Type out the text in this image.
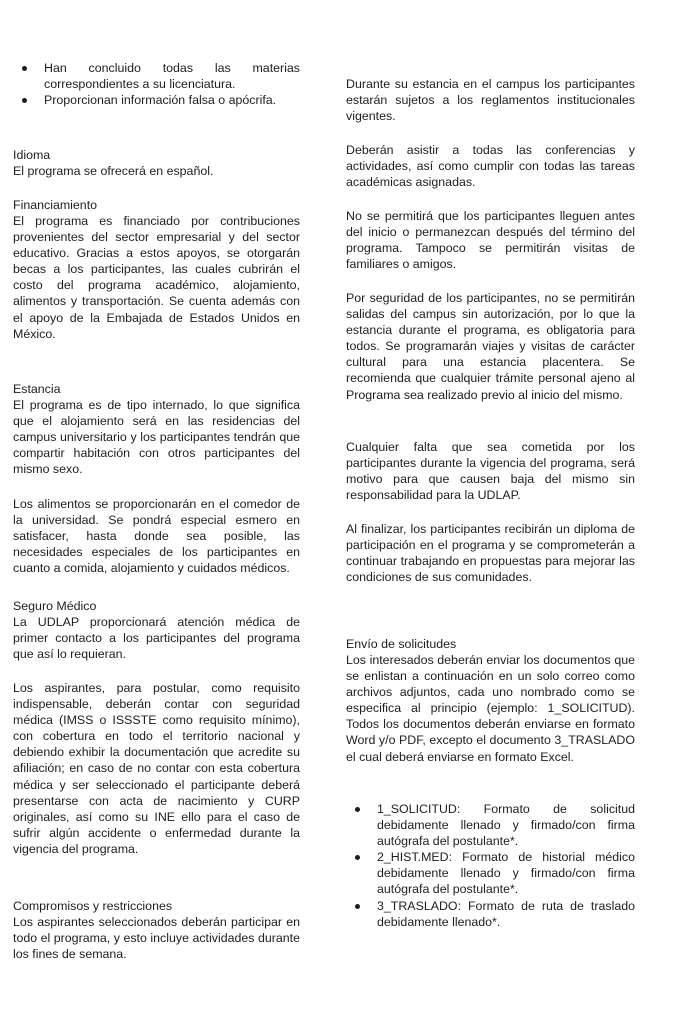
Han concluido todas las materias correspondientes a su licenciatura.
Proporcionan información falsa o apócrifa.
Idioma

El programa se ofrecerá en español.

Financiamiento

El programa es financiado por contribuciones provenientes del sector empresarial y del sector educativo. Gracias a estos apoyos, se otorgarán becas a los participantes, las cuales cubrirán el costo del programa académico, alojamiento, alimentos y transportación. Se cuenta además con el apoyo de la Embajada de Estados Unidos en México.

Estancia

El programa es de tipo internado, lo que significa que el alojamiento será en las residencias del campus universitario y los participantes tendrán que compartir habitación con otros participantes del mismo sexo.

Los alimentos se proporcionarán en el comedor de la universidad. Se pondrá especial esmero en satisfacer, hasta donde sea posible, las necesidades especiales de los participantes en cuanto a comida, alojamiento y cuidados médicos.

Seguro Médico

La UDLAP proporcionará atención médica de primer contacto a los participantes del programa que así lo requieran.

Los aspirantes, para postular, como requisito indispensable, deberán contar con seguridad médica (IMSS o ISSSTE como requisito mínimo), con cobertura en todo el territorio nacional y debiendo exhibir la documentación que acredite su afiliación; en caso de no contar con esta cobertura médica y ser seleccionado el participante deberá presentarse con acta de nacimiento y CURP originales, así como su INE ello para el caso de sufrir algún accidente o enfermedad durante la vigencia del programa.

Compromisos y restricciones

Los aspirantes seleccionados deberán participar en todo el programa, y esto incluye actividades durante los fines de semana.

Durante su estancia en el campus los participantes estarán sujetos a los reglamentos institucionales vigentes.

Deberán asistir a todas las conferencias y actividades, así como cumplir con todas las tareas académicas asignadas.

No se permitirá que los participantes lleguen antes del inicio o permanezcan después del término del programa. Tampoco se permitirán visitas de familiares o amigos.

Por seguridad de los participantes, no se permitirán salidas del campus sin autorización, por lo que la estancia durante el programa, es obligatoria para todos. Se programarán viajes y visitas de carácter cultural para una estancia placentera. Se recomienda que cualquier trámite personal ajeno al Programa sea realizado previo al inicio del mismo.

Cualquier falta que sea cometida por los participantes durante la vigencia del programa, será motivo para que causen baja del mismo sin responsabilidad para la UDLAP.

Al finalizar, los participantes recibirán un diploma de participación en el programa y se comprometerán a continuar trabajando en propuestas para mejorar las condiciones de sus comunidades.

Envío de solicitudes

Los interesados deberán enviar los documentos que se enlistan a continuación en un solo correo como archivos adjuntos, cada uno nombrado como se especifica al principio (ejemplo: 1_SOLICITUD). Todos los documentos deberán enviarse en formato Word y/o PDF, excepto el documento 3_TRASLADO el cual deberá enviarse en formato Excel.

1_SOLICITUD: Formato de solicitud debidamente llenado y firmado/con firma autógrafa del postulante*.
2_HIST.MED: Formato de historial médico debidamente llenado y firmado/con firma autógrafa del postulante*.
3_TRASLADO: Formato de ruta de traslado debidamente llenado*.
